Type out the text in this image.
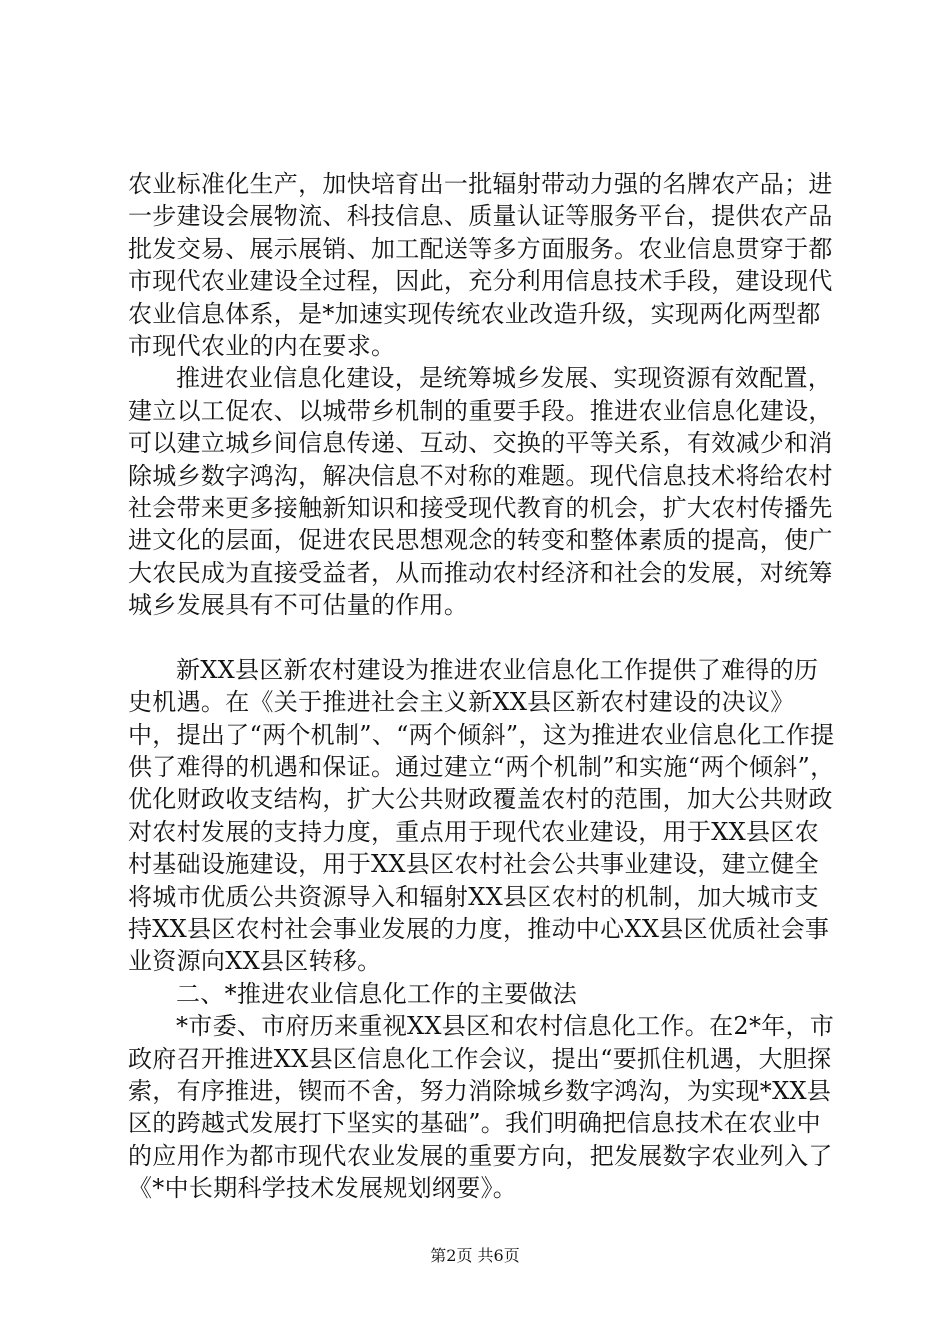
农业标准化生产，加快培育出一批辐射带动力强的名牌农产品；进一步建设会展物流、科技信息、质量认证等服务平台，提供农产品批发交易、展示展销、加工配送等多方面服务。农业信息贯穿于都市现代农业建设全过程，因此，充分利用信息技术手段，建设现代农业信息体系，是*加速实现传统农业改造升级，实现两化两型都市现代农业的内在要求。

推进农业信息化建设，是统筹城乡发展、实现资源有效配置，建立以工促农、以城带乡机制的重要手段。推进农业信息化建设，可以建立城乡间信息传递、互动、交换的平等关系，有效减少和消除城乡数字鸿沟，解决信息不对称的难题。现代信息技术将给农村社会带来更多接触新知识和接受现代教育的机会，扩大农村传播先进文化的层面，促进农民思想观念的转变和整体素质的提高，使广大农民成为直接受益者，从而推动农村经济和社会的发展，对统筹城乡发展具有不可估量的作用。

新XX县区新农村建设为推进农业信息化工作提供了难得的历史机遇。在《关于推进社会主义新XX县区新农村建设的决议》中，提出了“两个机制”、“两个倾斜”，这为推进农业信息化工作提供了难得的机遇和保证。通过建立“两个机制”和实施“两个倾斜”，优化财政收支结构，扩大公共财政覆盖农村的范围，加大公共财政对农村发展的支持力度，重点用于现代农业建设，用于XX县区农村基础设施建设，用于XX县区农村社会公共事业建设，建立健全将城市优质公共资源导入和辐射XX县区农村的机制，加大城市支持XX县区农村社会事业发展的力度，推动中心XX县区优质社会事业资源向XX县区转移。

二、*推进农业信息化工作的主要做法

*市委、市府历来重视XX县区和农村信息化工作。在2*年，市政府召开推进XX县区信息化工作会议，提出“要抓住机遇，大胆探索，有序推进，锲而不舍，努力消除城乡数字鸿沟，为实现*XX县区的跨越式发展打下坚实的基础”。我们明确把信息技术在农业中的应用作为都市现代农业发展的重要方向，把发展数字农业列入了《*中长期科学技术发展规划纲要》。

第2页 共6页
